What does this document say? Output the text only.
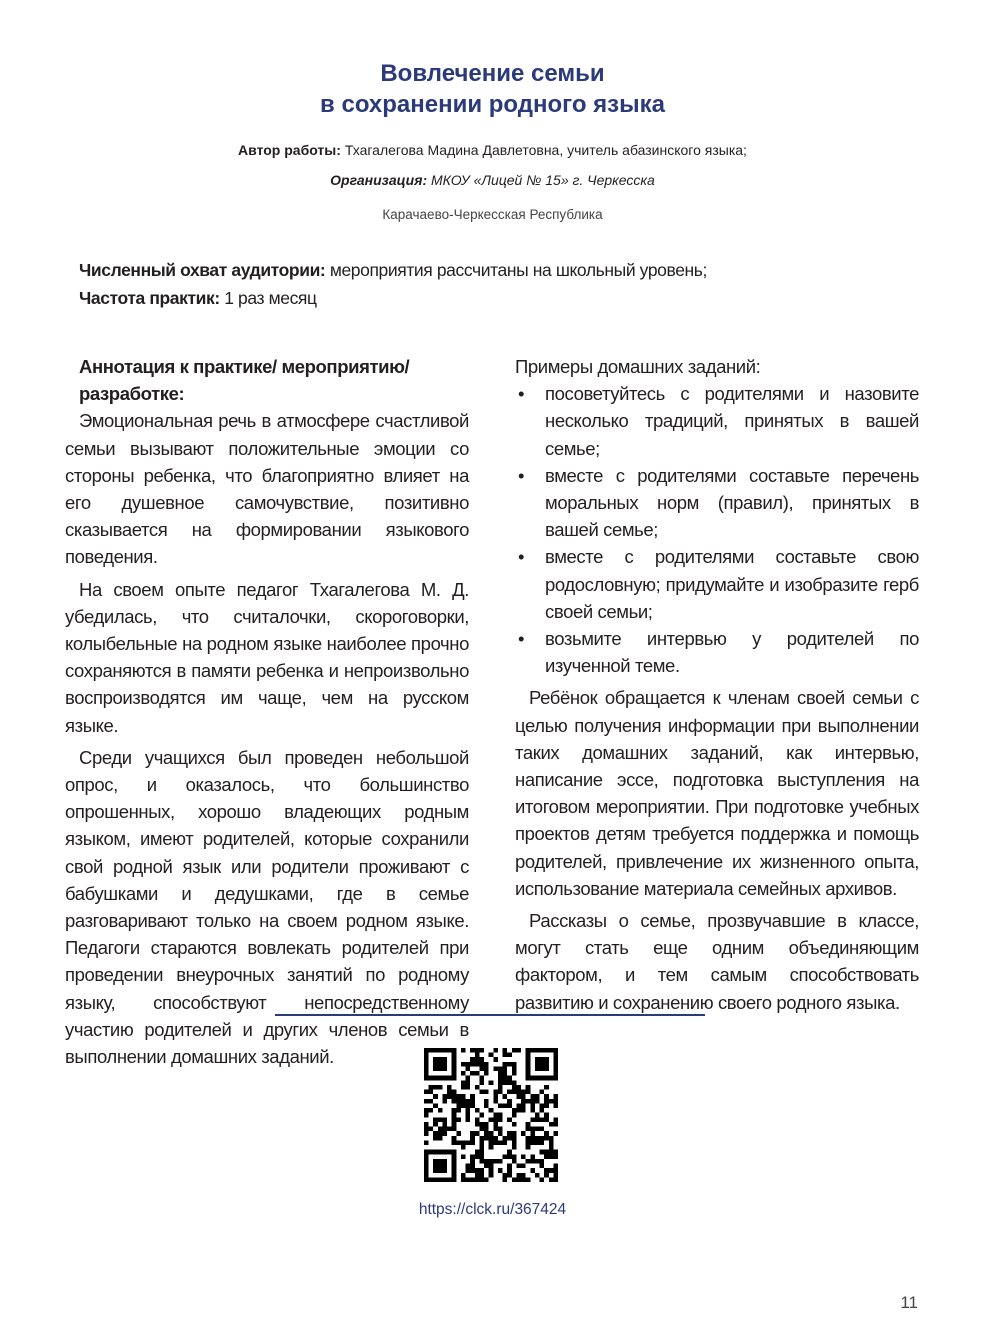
Вовлечение семьи
в сохранении родного языка
Автор работы: Тхагалегова Мадина Давлетовна, учитель абазинского языка;
Организация: МКОУ «Лицей № 15» г. Черкесска
Карачаево-Черкесская Республика
Численный охват аудитории: мероприятия рассчитаны на школьный уровень;
Частота практик: 1 раз месяц
Аннотация к практике/ мероприятию/разработке:

Эмоциональная речь в атмосфере счастливой семьи вызывают положительные эмоции со стороны ребенка, что благоприятно влияет на его душевное самочувствие, позитивно сказывается на формировании языкового поведения.

На своем опыте педагог Тхагалегова М. Д. убедилась, что считалочки, скороговорки, колыбельные на родном языке наиболее прочно сохраняются в памяти ребенка и непроизвольно воспроизводятся им чаще, чем на русском языке.

Среди учащихся был проведен небольшой опрос, и оказалось, что большинство опрошенных, хорошо владеющих родным языком, имеют родителей, которые сохранили свой родной язык или родители проживают с бабушками и дедушками, где в семье разговаривают только на своем родном языке. Педагоги стараются вовлекать родителей при проведении внеурочных занятий по родному языку, способствуют непосредственному участию родителей и других членов семьи в выполнении домашних заданий.

Примеры домашних заданий:

• посоветуйтесь с родителями и назовите несколько традиций, принятых в вашей семье;
• вместе с родителями составьте перечень моральных норм (правил), принятых в вашей семье;
• вместе с родителями составьте свою родословную; придумайте и изобразите герб своей семьи;
• возьмите интервью у родителей по изученной теме.

Ребёнок обращается к членам своей семьи с целью получения информации при выполнении таких домашних заданий, как интервью, написание эссе, подготовка выступления на итоговом мероприятии. При подготовке учебных проектов детям требуется поддержка и помощь родителей, привлечение их жизненного опыта, использование материала семейных архивов.

Рассказы о семье, прозвучавшие в классе, могут стать еще одним объединяющим фактором, и тем самым способствовать развитию и сохранению своего родного языка.

https://clck.ru/367424
11
